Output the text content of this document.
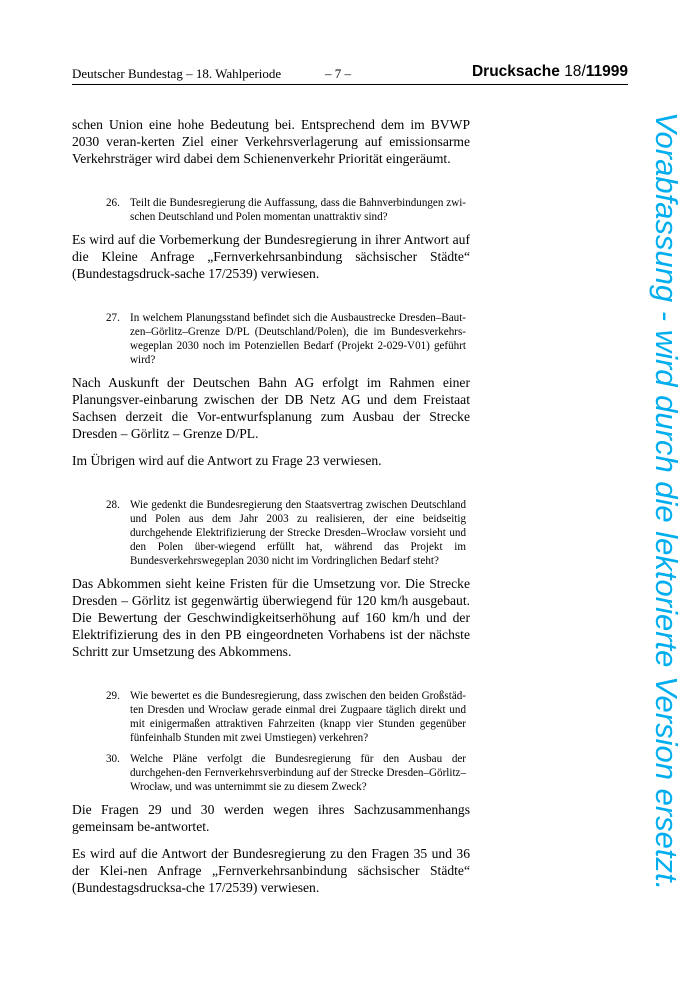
Deutscher Bundestag – 18. Wahlperiode	– 7 –	Drucksache 18/11999

schen Union eine hohe Bedeutung bei. Entsprechend dem im BVWP 2030 veran-kerten Ziel einer Verkehrsverlagerung auf emissionsarme Verkehrsträger wird dabei dem Schienenverkehr Priorität eingeräumt.

26. Teilt die Bundesregierung die Auffassung, dass die Bahnverbindungen zwi-schen Deutschland und Polen momentan unattraktiv sind?

Es wird auf die Vorbemerkung der Bundesregierung in ihrer Antwort auf die Kleine Anfrage „Fernverkehrsanbindung sächsischer Städte“ (Bundestagsdruck-sache 17/2539) verwiesen.

27. In welchem Planungsstand befindet sich die Ausbaustrecke Dresden–Baut-zen–Görlitz–Grenze D/PL (Deutschland/Polen), die im Bundesverkehrs-wegeplan 2030 noch im Potenziellen Bedarf (Projekt 2-029-V01) geführt wird?

Nach Auskunft der Deutschen Bahn AG erfolgt im Rahmen einer Planungsver-einbarung zwischen der DB Netz AG und dem Freistaat Sachsen derzeit die Vor-entwurfsplanung zum Ausbau der Strecke Dresden – Görlitz – Grenze D/PL.

Im Übrigen wird auf die Antwort zu Frage 23 verwiesen.

28. Wie gedenkt die Bundesregierung den Staatsvertrag zwischen Deutschland und Polen aus dem Jahr 2003 zu realisieren, der eine beidseitig durchgehende Elektrifizierung der Strecke Dresden–Wrocław vorsieht und den Polen über-wiegend erfüllt hat, während das Projekt im Bundesverkehrswegeplan 2030 nicht im Vordringlichen Bedarf steht?

Das Abkommen sieht keine Fristen für die Umsetzung vor. Die Strecke Dresden – Görlitz ist gegenwärtig überwiegend für 120 km/h ausgebaut. Die Bewertung der Geschwindigkeitserhöhung auf 160 km/h und der Elektrifizierung des in den PB eingeordneten Vorhabens ist der nächste Schritt zur Umsetzung des Abkommens.

29. Wie bewertet es die Bundesregierung, dass zwischen den beiden Großstäd-ten Dresden und Wrocław gerade einmal drei Zugpaare täglich direkt und mit einigermaßen attraktiven Fahrzeiten (knapp vier Stunden gegenüber fünfeinhalb Stunden mit zwei Umstiegen) verkehren?
30. Welche Pläne verfolgt die Bundesregierung für den Ausbau der durchgehen-den Fernverkehrsverbindung auf der Strecke Dresden–Görlitz–Wrocław, und was unternimmt sie zu diesem Zweck?

Die Fragen 29 und 30 werden wegen ihres Sachzusammenhangs gemeinsam be-antwortet.

Es wird auf die Antwort der Bundesregierung zu den Fragen 35 und 36 der Klei-nen Anfrage „Fernverkehrsanbindung sächsischer Städte“ (Bundestagsdrucksa-che 17/2539) verwiesen.	Vorabfassung - wird durch die lektorierte Version ersetzt.
